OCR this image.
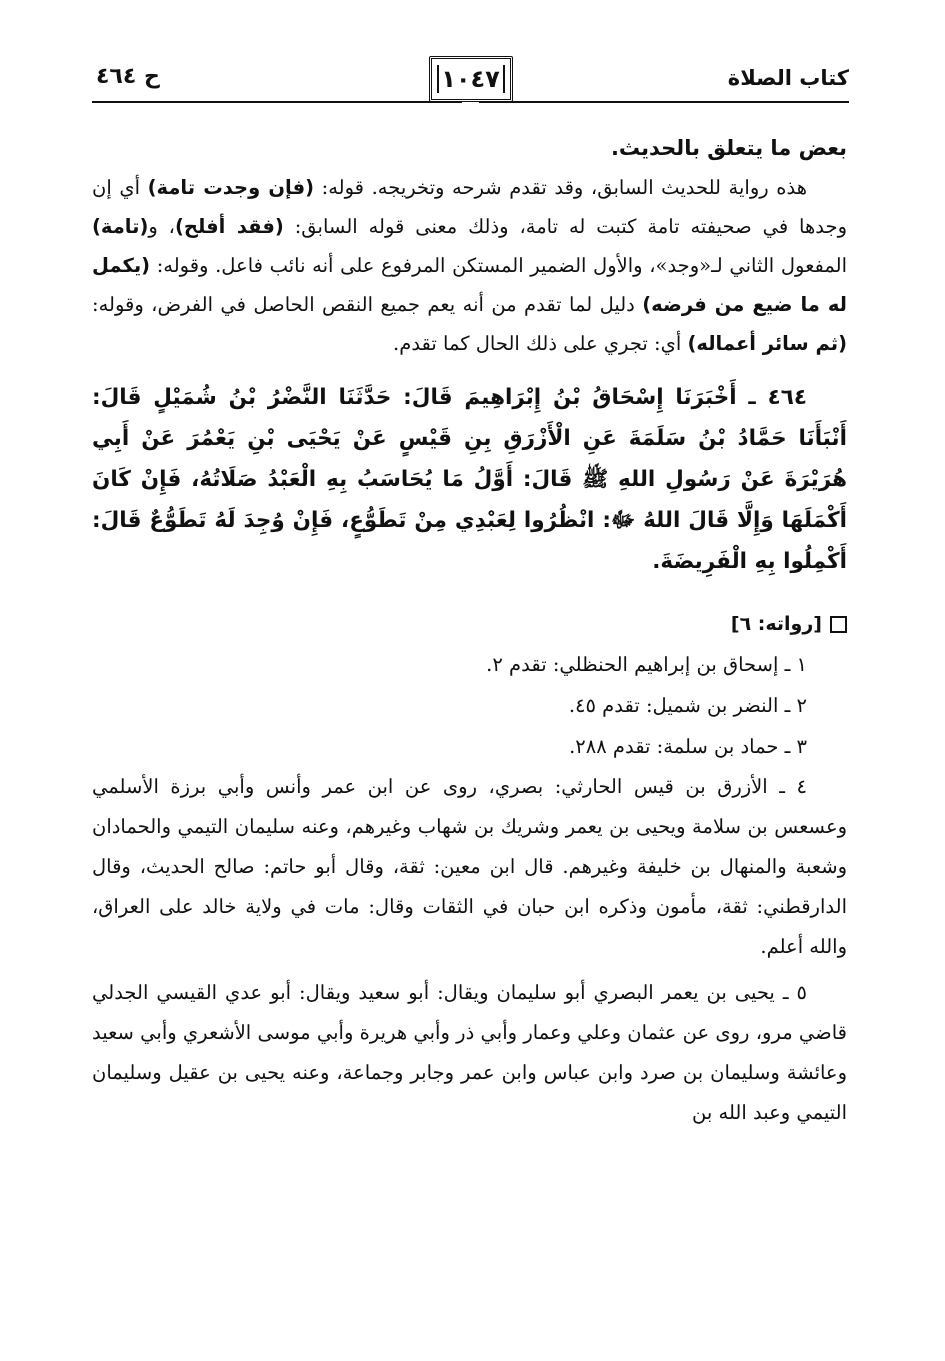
كتاب الصلاة
١٠٤٧
ح ٤٦٤
بعض ما يتعلق بالحديث.

هذه رواية للحديث السابق، وقد تقدم شرحه وتخريجه. قوله: (فإن وجدت تامة) أي إن وجدها في صحيفته تامة كتبت له تامة، وذلك معنى قوله السابق: (فقد أفلح)، و(تامة) المفعول الثاني لـ«وجد»، والأول الضمير المستكن المرفوع على أنه نائب فاعل. وقوله: (يكمل له ما ضيع من فرضه) دليل لما تقدم من أنه يعم جميع النقص الحاصل في الفرض، وقوله: (ثم سائر أعماله) أي: تجري على ذلك الحال كما تقدم.

٤٦٤ ـ أَخْبَرَنَا إِسْحَاقُ بْنُ إِبْرَاهِيمَ قَالَ: حَدَّثَنَا النَّضْرُ بْنُ شُمَيْلٍ قَالَ: أَنْبَأَنَا حَمَّادُ بْنُ سَلَمَةَ عَنِ الْأَزْرَقِ بِنِ قَيْسٍ عَنْ يَحْيَى بْنِ يَعْمُرَ عَنْ أَبِي هُرَيْرَةَ عَنْ رَسُولِ اللهِ ﷺ قَالَ: أَوَّلُ مَا يُحَاسَبُ بِهِ الْعَبْدُ صَلَاتُهُ، فَإِنْ كَانَ أَكْمَلَهَا وَإِلَّا قَالَ اللهُ ﷻ: انْظُرُوا لِعَبْدِي مِنْ تَطَوُّعٍ، فَإِنْ وُجِدَ لَهُ تَطَوُّعٌ قَالَ: أَكْمِلُوا بِهِ الْفَرِيضَةَ.

[رواته: ٦]
١ ـ إسحاق بن إبراهيم الحنظلي: تقدم ٢.
٢ ـ النضر بن شميل: تقدم ٤٥.
٣ ـ حماد بن سلمة: تقدم ٢٨٨.

٤ ـ الأزرق بن قيس الحارثي: بصري، روى عن ابن عمر وأنس وأبي برزة الأسلمي وعسعس بن سلامة ويحيى بن يعمر وشريك بن شهاب وغيرهم، وعنه سليمان التيمي والحمادان وشعبة والمنهال بن خليفة وغيرهم. قال ابن معين: ثقة، وقال أبو حاتم: صالح الحديث، وقال الدارقطني: ثقة، مأمون وذكره ابن حبان في الثقات وقال: مات في ولاية خالد على العراق، والله أعلم.

٥ ـ يحيى بن يعمر البصري أبو سليمان ويقال: أبو سعيد ويقال: أبو عدي القيسي الجدلي قاضي مرو، روى عن عثمان وعلي وعمار وأبي ذر وأبي هريرة وأبي موسى الأشعري وأبي سعيد وعائشة وسليمان بن صرد وابن عباس وابن عمر وجابر وجماعة، وعنه يحيى بن عقيل وسليمان التيمي وعبد الله بن
